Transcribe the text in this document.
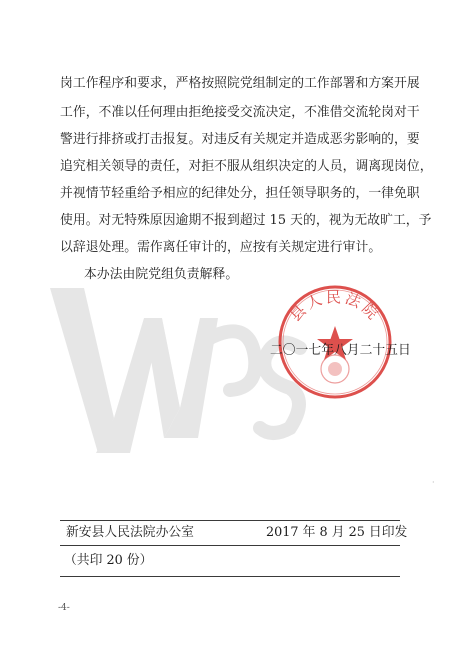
岗工作程序和要求，严格按照院党组制定的工作部署和方案开展
工作，不准以任何理由拒绝接受交流决定，不准借交流轮岗对干
警进行排挤或打击报复。对违反有关规定并造成恶劣影响的，要
追究相关领导的责任，对拒不服从组织决定的人员，调离现岗位，
并视情节轻重给予相应的纪律处分，担任领导职务的，一律免职
使用。对无特殊原因逾期不报到超过 15 天的，视为无故旷工，予
以辞退处理。需作离任审计的，应按有关规定进行审计。
本办法由院党组负责解释。
县人民法院
二〇一七年八月二十五日
·
新安县人民法院办公室	2017 年 8 月 25 日印发
（共印 20 份）
-4-
